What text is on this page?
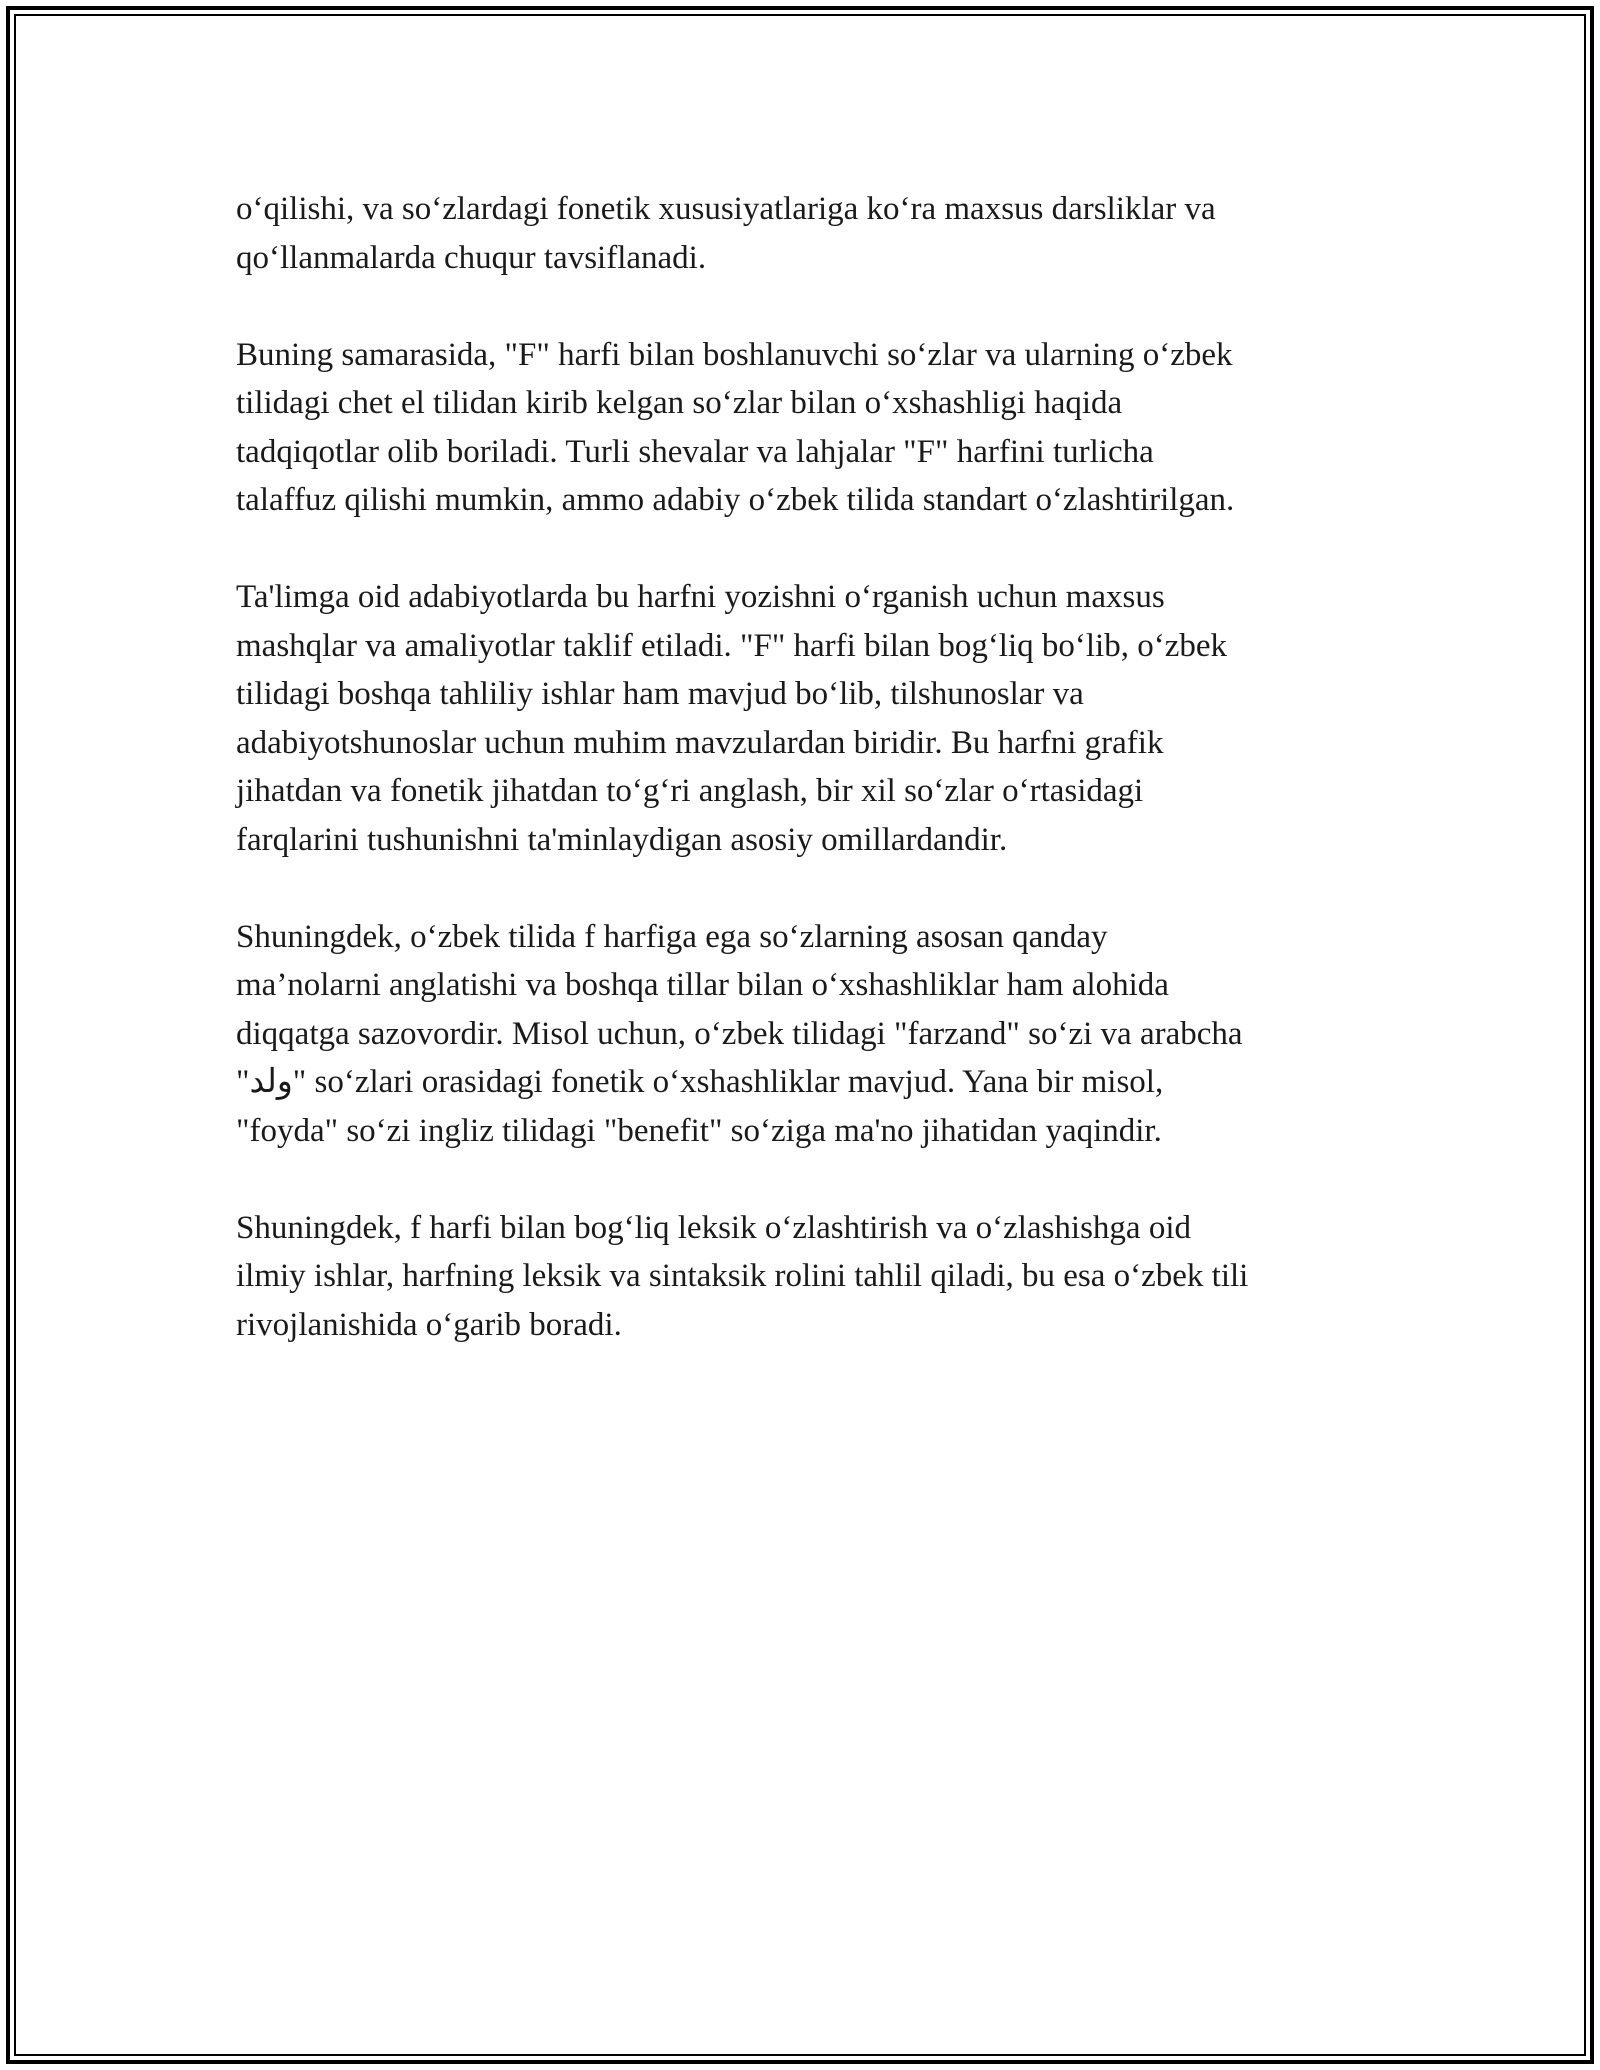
o‘qilishi, va so‘zlardagi fonetik xususiyatlariga ko‘ra maxsus darsliklar va
qo‘llanmalarda chuqur tavsiflanadi.

Buning samarasida, "F" harfi bilan boshlanuvchi so‘zlar va ularning o‘zbek
tilidagi chet el tilidan kirib kelgan so‘zlar bilan o‘xshashligi haqida
tadqiqotlar olib boriladi. Turli shevalar va lahjalar "F" harfini turlicha
talaffuz qilishi mumkin, ammo adabiy o‘zbek tilida standart o‘zlashtirilgan.

Ta'limga oid adabiyotlarda bu harfni yozishni o‘rganish uchun maxsus
mashqlar va amaliyotlar taklif etiladi. "F" harfi bilan bog‘liq bo‘lib, o‘zbek
tilidagi boshqa tahliliy ishlar ham mavjud bo‘lib, tilshunoslar va
adabiyotshunoslar uchun muhim mavzulardan biridir. Bu harfni grafik
jihatdan va fonetik jihatdan to‘g‘ri anglash, bir xil so‘zlar o‘rtasidagi
farqlarini tushunishni ta'minlaydigan asosiy omillardandir.

Shuningdek, o‘zbek tilida f harfiga ega so‘zlarning asosan qanday
ma’nolarni anglatishi va boshqa tillar bilan o‘xshashliklar ham alohida
diqqatga sazovordir. Misol uchun, o‘zbek tilidagi "farzand" so‘zi va arabcha
"⁨ولد⁩" so‘zlari orasidagi fonetik o‘xshashliklar mavjud. Yana bir misol,
"foyda" so‘zi ingliz tilidagi "benefit" so‘ziga ma'no jihatidan yaqindir.

Shuningdek, f harfi bilan bog‘liq leksik o‘zlashtirish va o‘zlashishga oid
ilmiy ishlar, harfning leksik va sintaksik rolini tahlil qiladi, bu esa o‘zbek tili
rivojlanishida o‘garib boradi.
